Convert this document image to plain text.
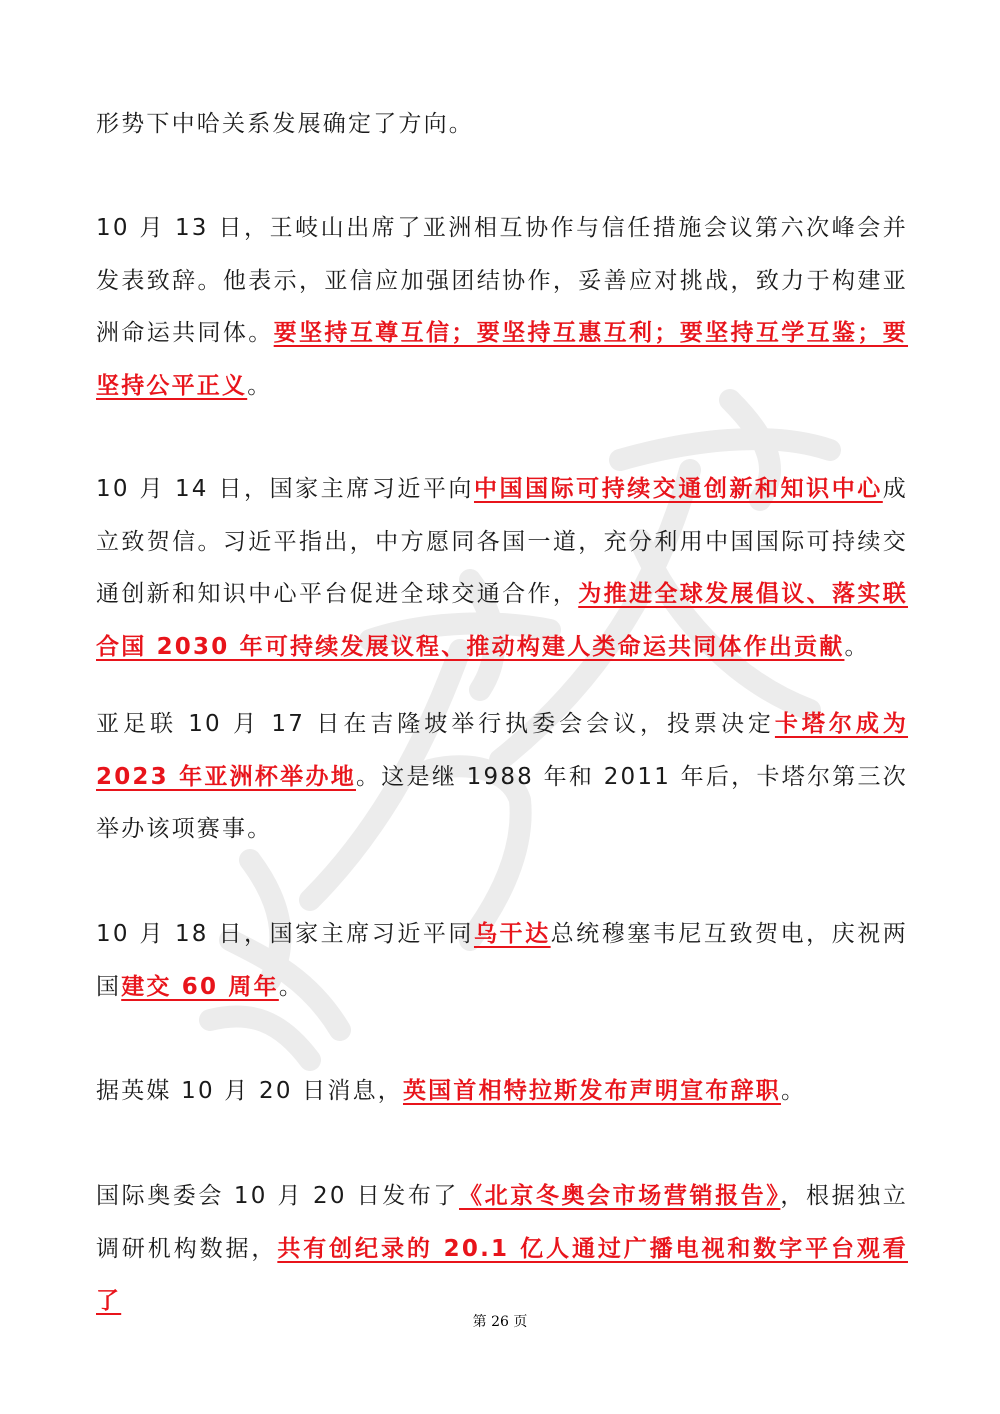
形势下中哈关系发展确定了方向。

10 月 13 日，王岐山出席了亚洲相互协作与信任措施会议第六次峰会并发表致辞。他表示，亚信应加强团结协作，妥善应对挑战，致力于构建亚洲命运共同体。要坚持互尊互信；要坚持互惠互利；要坚持互学互鉴；要坚持公平正义。

10 月 14 日，国家主席习近平向中国国际可持续交通创新和知识中心成立致贺信。习近平指出，中方愿同各国一道，充分利用中国国际可持续交通创新和知识中心平台促进全球交通合作，为推进全球发展倡议、落实联合国 2030 年可持续发展议程、推动构建人类命运共同体作出贡献。

亚足联 10 月 17 日在吉隆坡举行执委会会议，投票决定卡塔尔成为 2023 年亚洲杯举办地。这是继 1988 年和 2011 年后，卡塔尔第三次举办该项赛事。

10 月 18 日，国家主席习近平同乌干达总统穆塞韦尼互致贺电，庆祝两国建交 60 周年。

据英媒 10 月 20 日消息，英国首相特拉斯发布声明宣布辞职。

国际奥委会 10 月 20 日发布了《北京冬奥会市场营销报告》，根据独立调研机构数据，共有创纪录的 20.1 亿人通过广播电视和数字平台观看了

第 26 页
